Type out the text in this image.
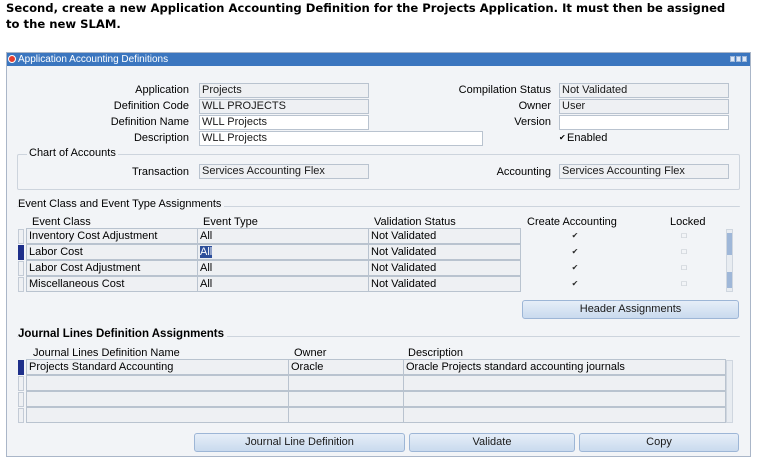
Second, create a new Application Accounting Definition for the Projects Application. It must then be assigned
to the new SLAM.
Application Accounting Definitions
Application Projects
Definition Code WLL PROJECTS
Definition Name WLL Projects
Description WLL Projects
Compilation Status Not Validated
Owner User
Version
✔ Enabled
Chart of Accounts
Transaction Services Accounting Flex	Accounting Services Accounting Flex
Event Class and Event Type Assignments
Event Class	Event Type	Validation Status	Create Accounting	Locked
Inventory Cost Adjustment	All	Not Validated	✔	□
Labor Cost	All	Not Validated	✔	□
Labor Cost Adjustment	All	Not Validated	✔	□
Miscellaneous Cost	All	Not Validated	✔	□
Header Assignments
Journal Lines Definition Assignments
Journal Lines Definition Name	Owner	Description
Projects Standard Accounting	Oracle	Oracle Projects standard accounting journals
Journal Line Definition	Validate	Copy
